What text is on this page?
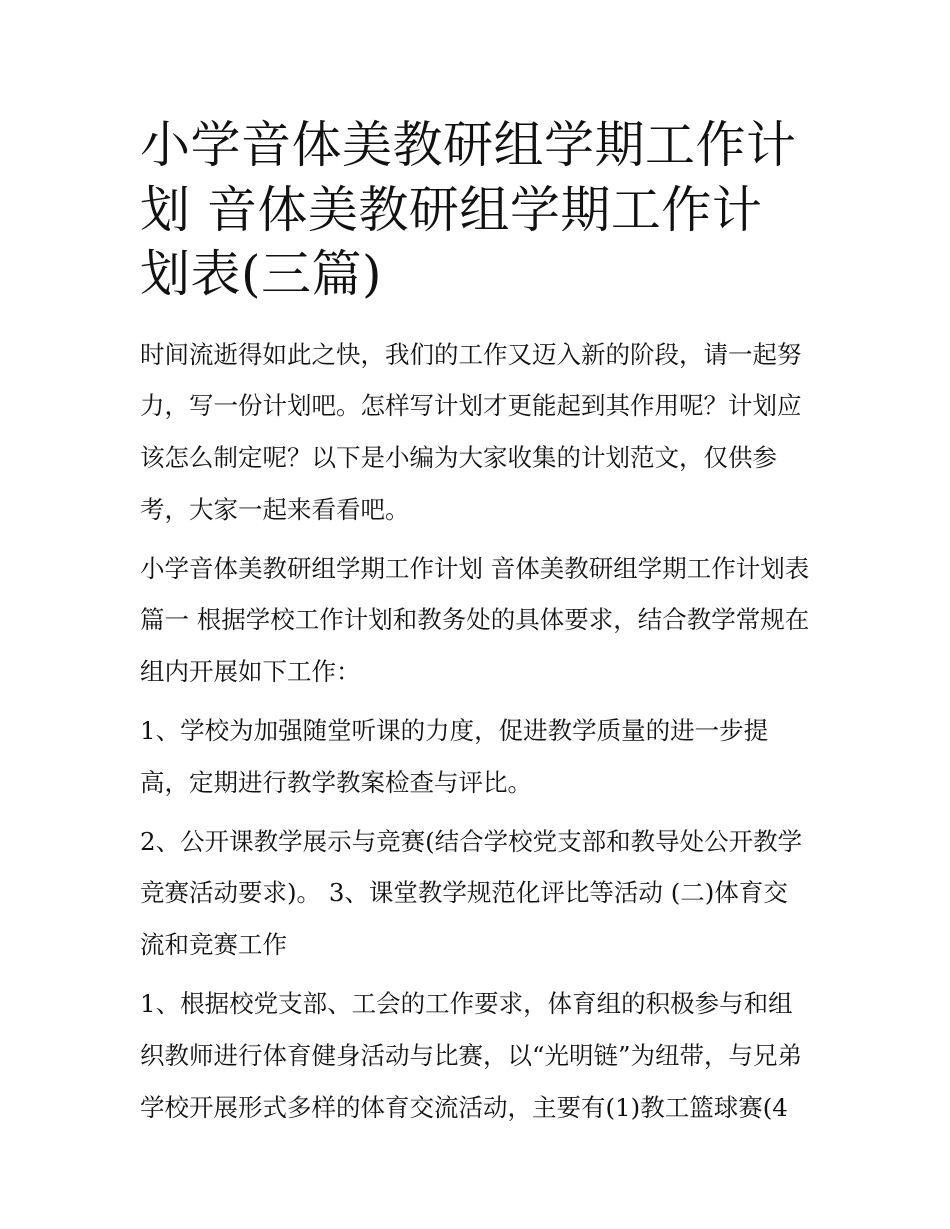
小学音体美教研组学期工作计划 音体美教研组学期工作计划表(三篇)

时间流逝得如此之快，我们的工作又迈入新的阶段，请一起努力，写一份计划吧。怎样写计划才更能起到其作用呢？计划应该怎么制定呢？以下是小编为大家收集的计划范文，仅供参考，大家一起来看看吧。

小学音体美教研组学期工作计划 音体美教研组学期工作计划表篇一 根据学校工作计划和教务处的具体要求，结合教学常规在组内开展如下工作：

1、学校为加强随堂听课的力度，促进教学质量的进一步提高，定期进行教学教案检查与评比。

2、公开课教学展示与竞赛(结合学校党支部和教导处公开教学竞赛活动要求)。 3、课堂教学规范化评比等活动 (二)体育交流和竞赛工作

1、根据校党支部、工会的工作要求，体育组的积极参与和组织教师进行体育健身活动与比赛，以“光明链”为纽带，与兄弟学校开展形式多样的体育交流活动，主要有(1)教工篮球赛(4
